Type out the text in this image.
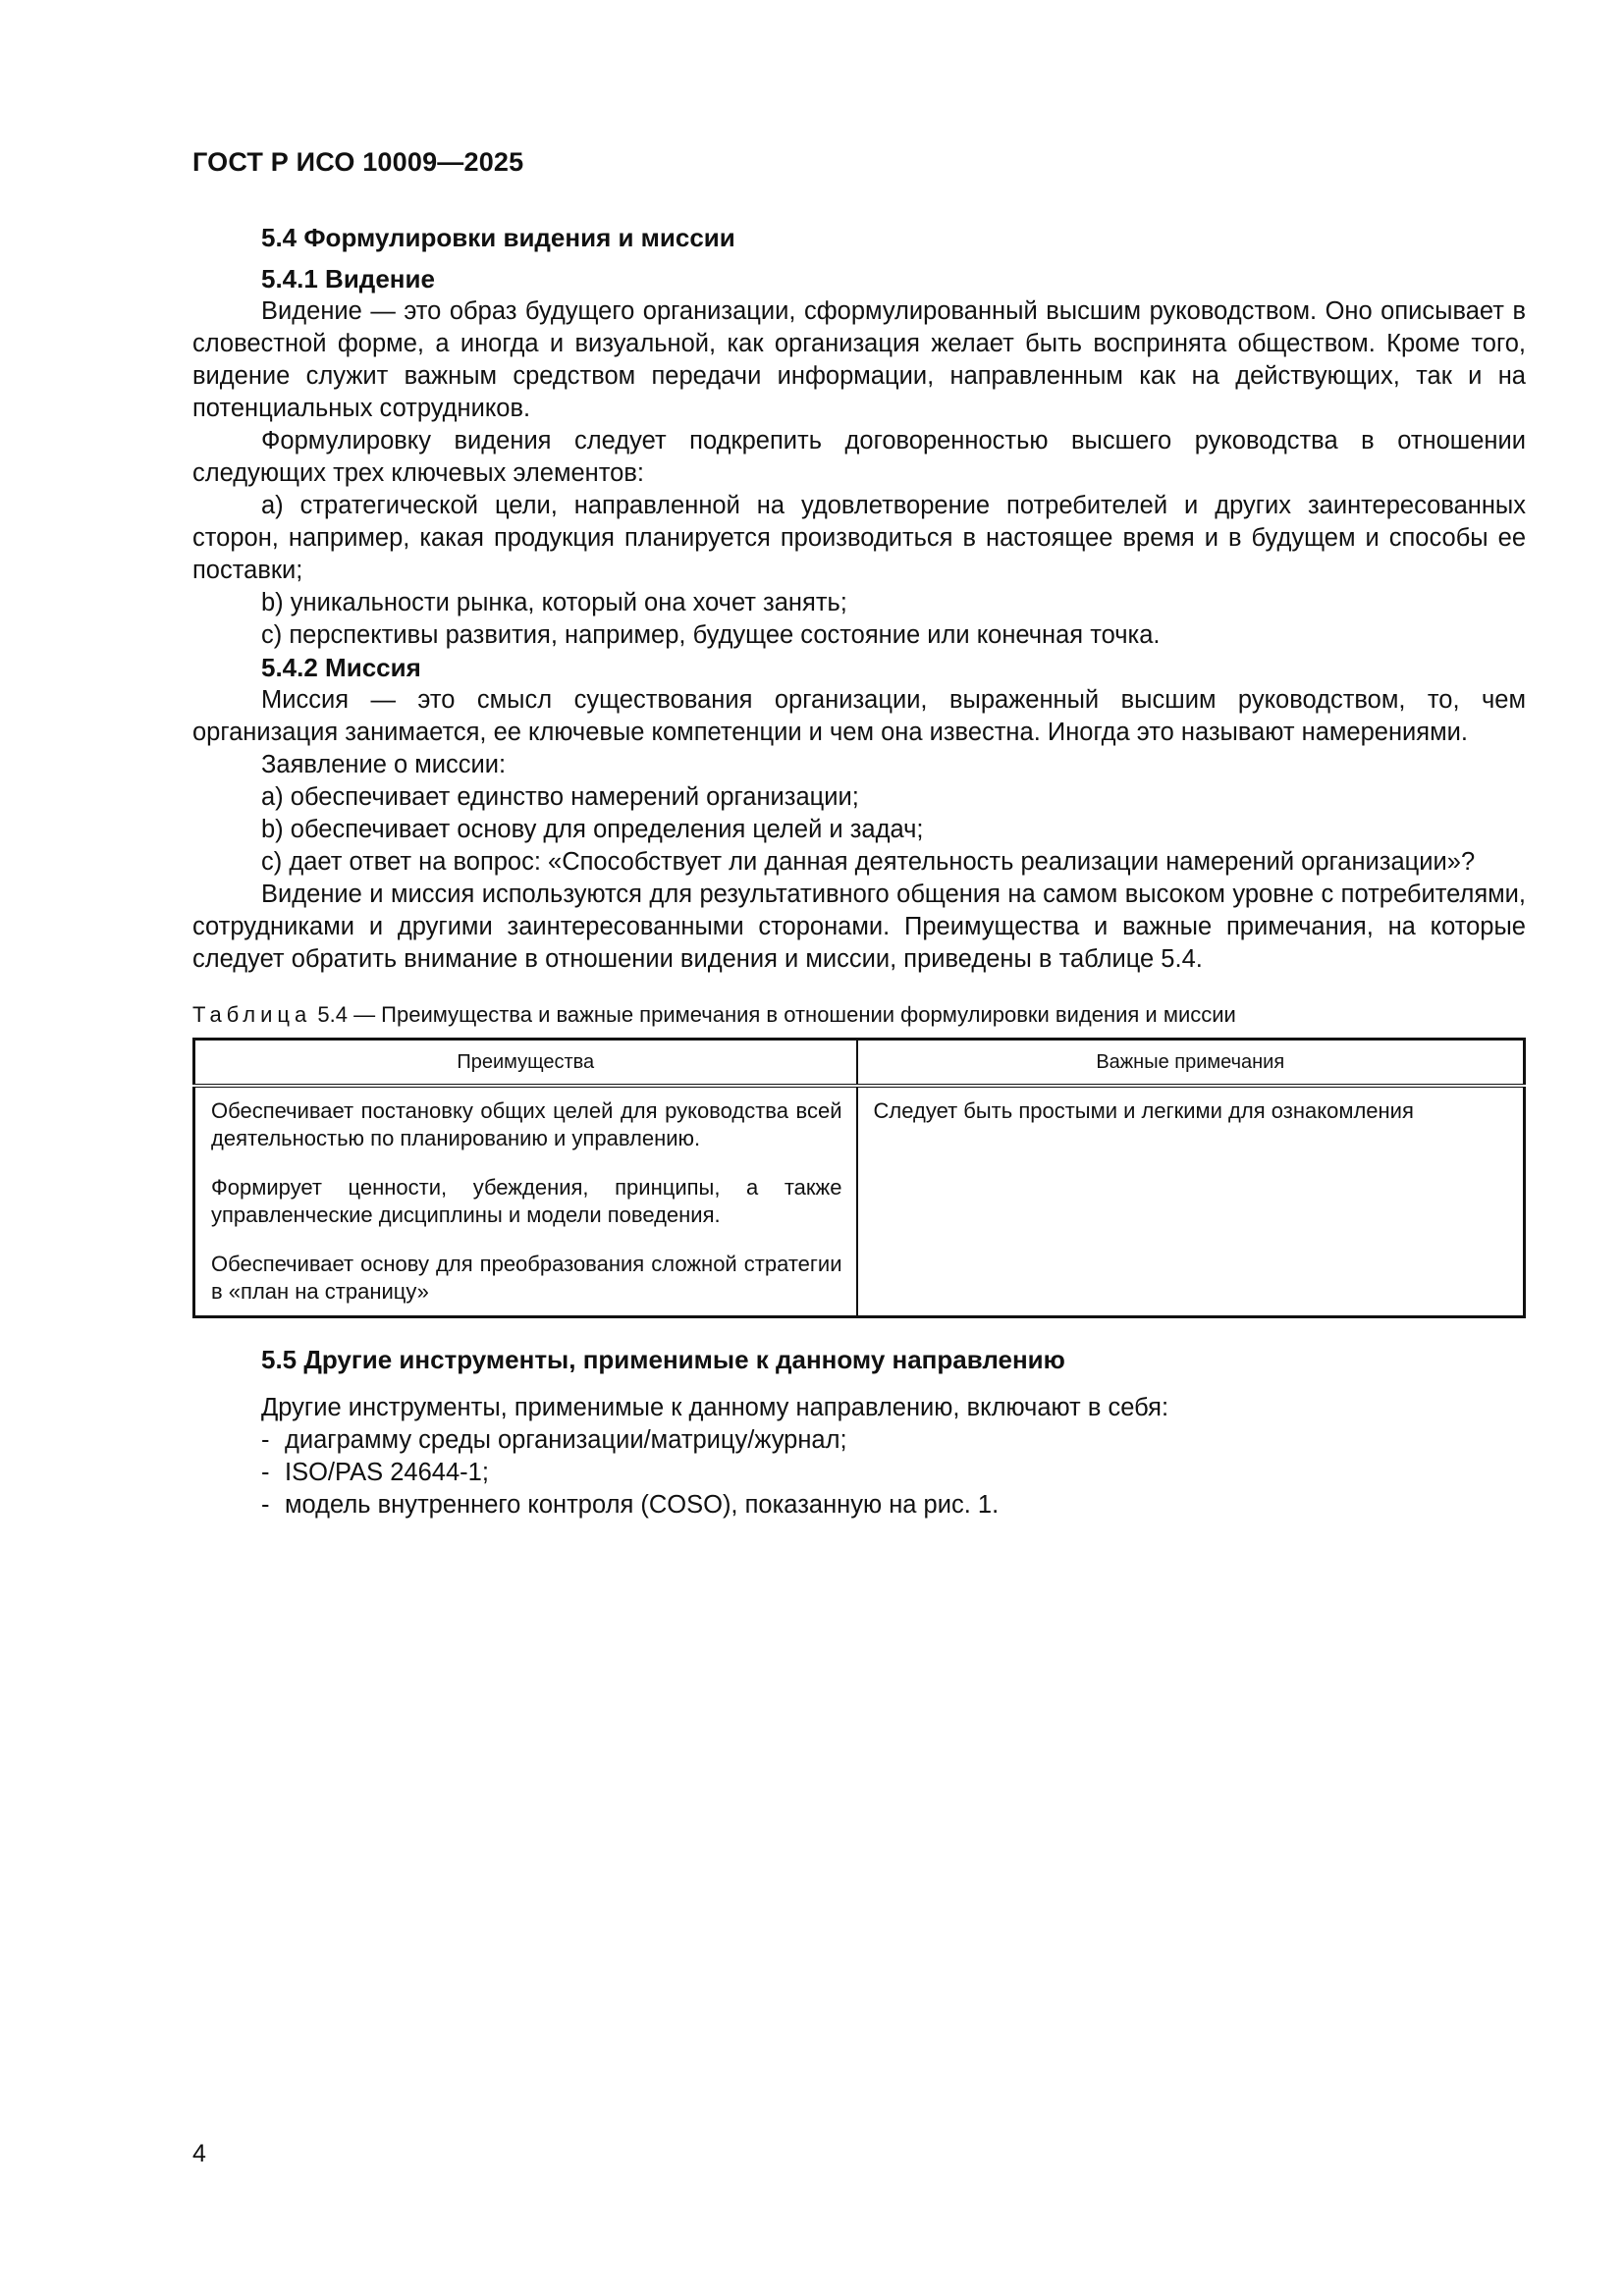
ГОСТ Р ИСО 10009—2025
5.4 Формулировки видения и миссии
5.4.1 Видение

Видение — это образ будущего организации, сформулированный высшим руководством. Оно описывает в словестной форме, а иногда и визуальной, как организация желает быть воспринята обществом. Кроме того, видение служит важным средством передачи информации, направленным как на действующих, так и на потенциальных сотрудников.

Формулировку видения следует подкрепить договоренностью высшего руководства в отношении следующих трех ключевых элементов:

a) стратегической цели, направленной на удовлетворение потребителей и других заинтересованных сторон, например, какая продукция планируется производиться в настоящее время и в будущем и способы ее поставки;

b) уникальности рынка, который она хочет занять;

c) перспективы развития, например, будущее состояние или конечная точка.

5.4.2 Миссия

Миссия — это смысл существования организации, выраженный высшим руководством, то, чем организация занимается, ее ключевые компетенции и чем она известна. Иногда это называют намерениями.

Заявление о миссии:

a) обеспечивает единство намерений организации;

b) обеспечивает основу для определения целей и задач;

c) дает ответ на вопрос: «Способствует ли данная деятельность реализации намерений организации»?

Видение и миссия используются для результативного общения на самом высоком уровне с потребителями, сотрудниками и другими заинтересованными сторонами. Преимущества и важные примечания, на которые следует обратить внимание в отношении видения и миссии, приведены в таблице 5.4.

Таблица 5.4 — Преимущества и важные примечания в отношении формулировки видения и миссии
Преимущества	Важные примечания

Обеспечивает постановку общих целей для руководства всей деятельностью по планированию и управлению.

Формирует ценности, убеждения, принципы, а также управленческие дисциплины и модели поведения.

Обеспечивает основу для преобразования сложной стратегии в «план на страницу»	Следует быть простыми и легкими для ознакомления

5.5 Другие инструменты, применимые к данному направлению
Другие инструменты, применимые к данному направлению, включают в себя:
- диаграмму среды организации/матрицу/журнал;
- ISO/PAS 24644-1;
- модель внутреннего контроля (COSO), показанную на рис. 1.
4
